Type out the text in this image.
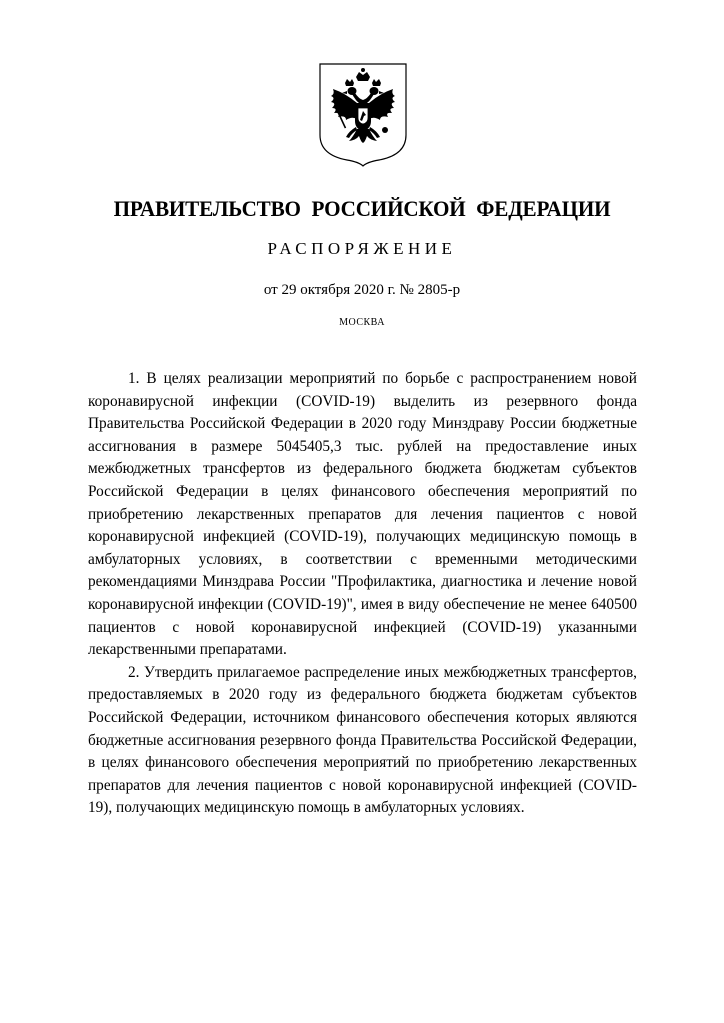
ПРАВИТЕЛЬСТВО РОССИЙСКОЙ ФЕДЕРАЦИИ
РАСПОРЯЖЕНИЕ
от 29 октября 2020 г. № 2805-р
МОСКВА

1. В целях реализации мероприятий по борьбе с распространением новой коронавирусной инфекции (COVID-19) выделить из резервного фонда Правительства Российской Федерации в 2020 году Минздраву России бюджетные ассигнования в размере 5045405,3 тыс. рублей на предоставление иных межбюджетных трансфертов из федерального бюджета бюджетам субъектов Российской Федерации в целях финансового обеспечения мероприятий по приобретению лекарственных препаратов для лечения пациентов с новой коронавирусной инфекцией (COVID-19), получающих медицинскую помощь в амбулаторных условиях, в соответствии с временными методическими рекомендациями Минздрава России "Профилактика, диагностика и лечение новой коронавирусной инфекции (COVID-19)", имея в виду обеспечение не менее 640500 пациентов с новой коронавирусной инфекцией (COVID-19) указанными лекарственными препаратами.

2. Утвердить прилагаемое распределение иных межбюджетных трансфертов, предоставляемых в 2020 году из федерального бюджета бюджетам субъектов Российской Федерации, источником финансового обеспечения которых являются бюджетные ассигнования резервного фонда Правительства Российской Федерации, в целях финансового обеспечения мероприятий по приобретению лекарственных препаратов для лечения пациентов с новой коронавирусной инфекцией (COVID-19), получающих медицинскую помощь в амбулаторных условиях.
